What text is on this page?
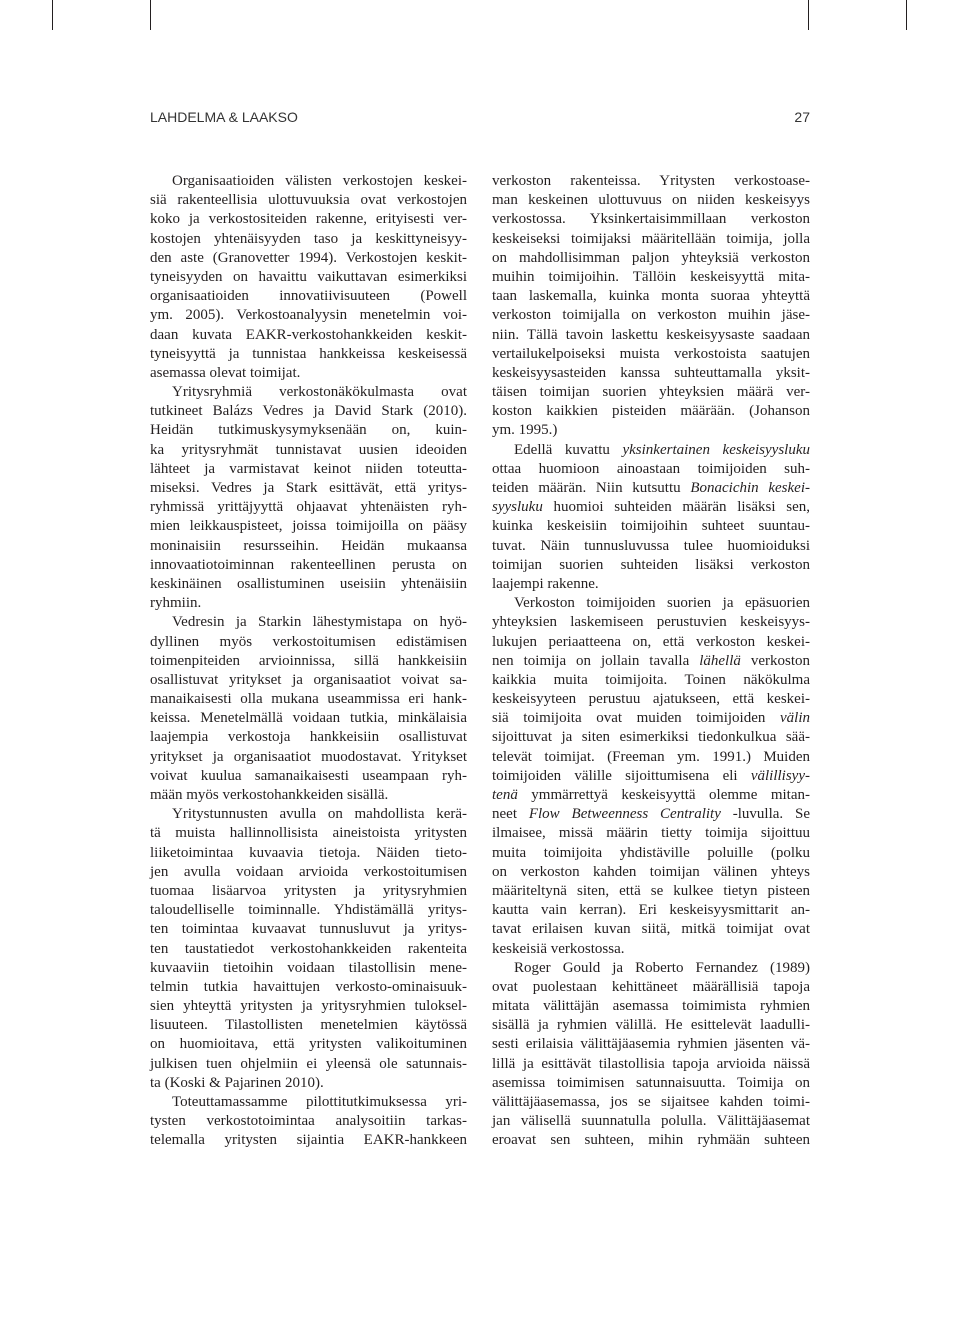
LAHDELMA & LAAKSO	27
Organisaatioiden välisten verkostojen keskei-
siä rakenteellisia ulottuvuuksia ovat verkostojen
koko ja verkostositeiden rakenne, erityisesti ver-
kostojen yhtenäisyyden taso ja keskittyneisyy-
den aste (Granovetter 1994). Verkostojen keskit-
tyneisyyden on havaittu vaikuttavan esimerkiksi
organisaatioiden innovatiivisuuteen (Powell
ym. 2005). Verkostoanalyysin menetelmin voi-
daan kuvata EAKR-verkostohankkeiden keskit-
tyneisyyttä ja tunnistaa hankkeissa keskeisessä
asemassa olevat toimijat.
Yritysryhmiä verkostonäkökulmasta ovat
tutkineet Balázs Vedres ja David Stark (2010).
Heidän tutkimuskysymyksenään on, kuin-
ka yritysryhmät tunnistavat uusien ideoiden
lähteet ja varmistavat keinot niiden toteutta-
miseksi. Vedres ja Stark esittävät, että yritys-
ryhmissä yrittäjyyttä ohjaavat yhtenäisten ryh-
mien leikkauspisteet, joissa toimijoilla on pääsy
moninaisiin resursseihin. Heidän mukaansa
innovaatiotoiminnan rakenteellinen perusta on
keskinäinen osallistuminen useisiin yhtenäisiin
ryhmiin.
Vedresin ja Starkin lähestymistapa on hyö-
dyllinen myös verkostoitumisen edistämisen
toimenpiteiden arvioinnissa, sillä hankkeisiin
osallistuvat yritykset ja organisaatiot voivat sa-
manaikaisesti olla mukana useammissa eri hank-
keissa. Menetelmällä voidaan tutkia, minkälaisia
laajempia verkostoja hankkeisiin osallistuvat
yritykset ja organisaatiot muodostavat. Yritykset
voivat kuulua samanaikaisesti useampaan ryh-
mään myös verkostohankkeiden sisällä.
Yritystunnusten avulla on mahdollista kerä-
tä muista hallinnollisista aineistoista yritysten
liiketoimintaa kuvaavia tietoja. Näiden tieto-
jen avulla voidaan arvioida verkostoitumisen
tuomaa lisäarvoa yritysten ja yritysryhmien
taloudelliselle toiminnalle. Yhdistämällä yritys-
ten toimintaa kuvaavat tunnusluvut ja yritys-
ten taustatiedot verkostohankkeiden rakenteita
kuvaaviin tietoihin voidaan tilastollisin mene-
telmin tutkia havaittujen verkosto-ominaisuuk-
sien yhteyttä yritysten ja yritysryhmien tuloksel-
lisuuteen. Tilastollisten menetelmien käytössä
on huomioitava, että yritysten valikoituminen
julkisen tuen ohjelmiin ei yleensä ole satunnais-
ta (Koski & Pajarinen 2010).
Toteuttamassamme pilottitutkimuksessa yri-
tysten verkostotoimintaa analysoitiin tarkas-
telemalla yritysten sijaintia EAKR-hankkeen
verkoston rakenteissa. Yritysten verkostoase-
man keskeinen ulottuvuus on niiden keskeisyys
verkostossa. Yksinkertaisimmillaan verkoston
keskeiseksi toimijaksi määritellään toimija, jolla
on mahdollisimman paljon yhteyksiä verkoston
muihin toimijoihin. Tällöin keskeisyyttä mita-
taan laskemalla, kuinka monta suoraa yhteyttä
verkoston toimijalla on verkoston muihin jäse-
niin. Tällä tavoin laskettu keskeisyysaste saadaan
vertailukelpoiseksi muista verkostoista saatujen
keskeisyysasteiden kanssa suhteuttamalla yksit-
täisen toimijan suorien yhteyksien määrä ver-
koston kaikkien pisteiden määrään. (Johanson
ym. 1995.)
Edellä kuvattu yksinkertainen keskeisyysluku
ottaa huomioon ainoastaan toimijoiden suh-
teiden määrän. Niin kutsuttu Bonacichin keskei-
syysluku huomioi suhteiden määrän lisäksi sen,
kuinka keskeisiin toimijoihin suhteet suuntau-
tuvat. Näin tunnusluvussa tulee huomioiduksi
toimijan suorien suhteiden lisäksi verkoston
laajempi rakenne.
Verkoston toimijoiden suorien ja epäsuorien
yhteyksien laskemiseen perustuvien keskeisyys-
lukujen periaatteena on, että verkoston keskei-
nen toimija on jollain tavalla lähellä verkoston
kaikkia muita toimijoita. Toinen näkökulma
keskeisyyteen perustuu ajatukseen, että keskei-
siä toimijoita ovat muiden toimijoiden välin
sijoittuvat ja siten esimerkiksi tiedonkulkua sää-
televät toimijat. (Freeman ym. 1991.) Muiden
toimijoiden välille sijoittumisena eli välillisyy-
tenä ymmärrettyä keskeisyyttä olemme mitan-
neet Flow Betweenness Centrality -luvulla. Se
ilmaisee, missä määrin tietty toimija sijoittuu
muita toimijoita yhdistäville poluille (polku
on verkoston kahden toimijan välinen yhteys
määriteltynä siten, että se kulkee tietyn pisteen
kautta vain kerran). Eri keskeisyysmittarit an-
tavat erilaisen kuvan siitä, mitkä toimijat ovat
keskeisiä verkostossa.
Roger Gould ja Roberto Fernandez (1989)
ovat puolestaan kehittäneet määrällisiä tapoja
mitata välittäjän asemassa toimimista ryhmien
sisällä ja ryhmien välillä. He esittelevät laadulli-
sesti erilaisia välittäjäasemia ryhmien jäsenten vä-
lillä ja esittävät tilastollisia tapoja arvioida näissä
asemissa toimimisen satunnaisuutta. Toimija on
välittäjäasemassa, jos se sijaitsee kahden toimi-
jan välisellä suunnatulla polulla. Välittäjäasemat
eroavat sen suhteen, mihin ryhmään suhteen
